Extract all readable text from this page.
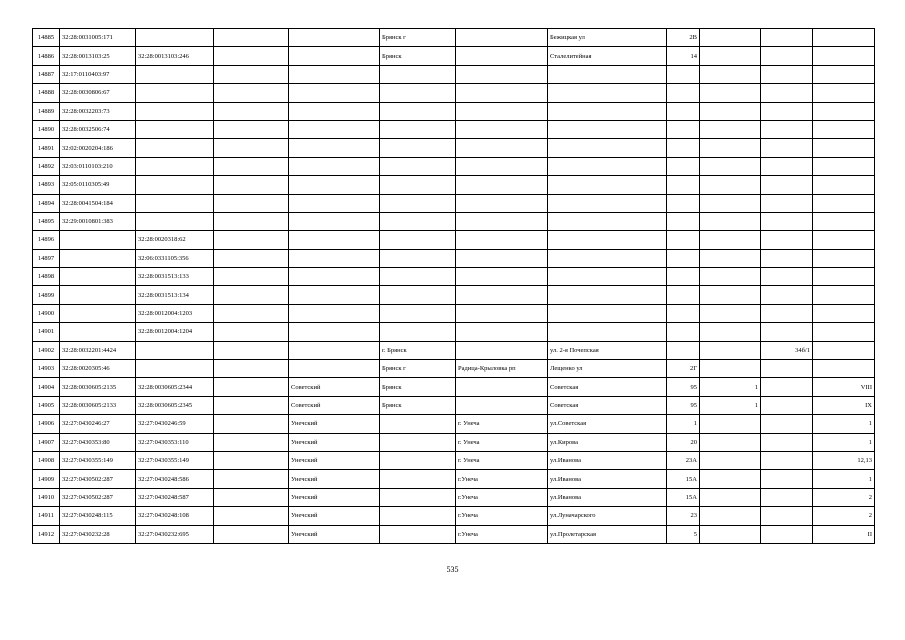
14885	32:28:0031005:171				Брянск г		Бежицкая ул	2В			
14886	32:28:0013103:25	32:28:0013103:246			Брянск		Сталелитейная	14			
14887	32:17:0110403:97										
14888	32:28:0030806:67										
14889	32:28:0032203:73										
14890	32:28:0032506:74										
14891	32:02:0020204:186										
14892	32:03:0110103:210										
14893	32:05:0110305:49										
14894	32:28:0041504:184										
14895	32:29:0010801:383										
14896		32:28:0020318:62									
14897		32:06:0331105:356									
14898		32:28:0031513:133									
14899		32:28:0031513:134									
14900		32:28:0012004:1203									
14901		32:28:0012004:1204									
14902	32:28:0032201:4424				г. Брянск		ул. 2-я Почепская			34б/1	
14903	32:28:0020305:46				Брянск г	Радица-Крыловка рп	Лещенко ул	2Г			
14904	32:28:0030605:2135	32:28:0030605:2344		Советский	Брянск		Советская	95	1		VIII
14905	32:28:0030605:2133	32:28:0030605:2345		Советский	Брянск		Советская	95	1		IX
14906	32:27:0430246:27	32:27:0430246:59		Унечский		г. Унеча	ул.Советская	1			1
14907	32:27:0430353:80	32:27:0430353:110		Унечский		г. Унеча	ул.Кирова	20			1
14908	32:27:0430355:149	32:27:0430355:149		Унечский		г. Унеча	ул.Иванова	23А			12,13
14909	32:27:0430502:287	32:27:0430248:586		Унечский		г.Унеча	ул.Иванова	15А			1
14910	32:27:0430502:287	32:27:0430248:587		Унечский		г.Унеча	ул.Иванова	15А			2
14911	32:27:0430248:115	32:27:0430248:108		Унечский		г.Унеча	ул.Луначарского	23			2
14912	32:27:0430232:28	32:27:0430232:695		Унечский		г.Унеча	ул.Пролетарская	5			II
535
